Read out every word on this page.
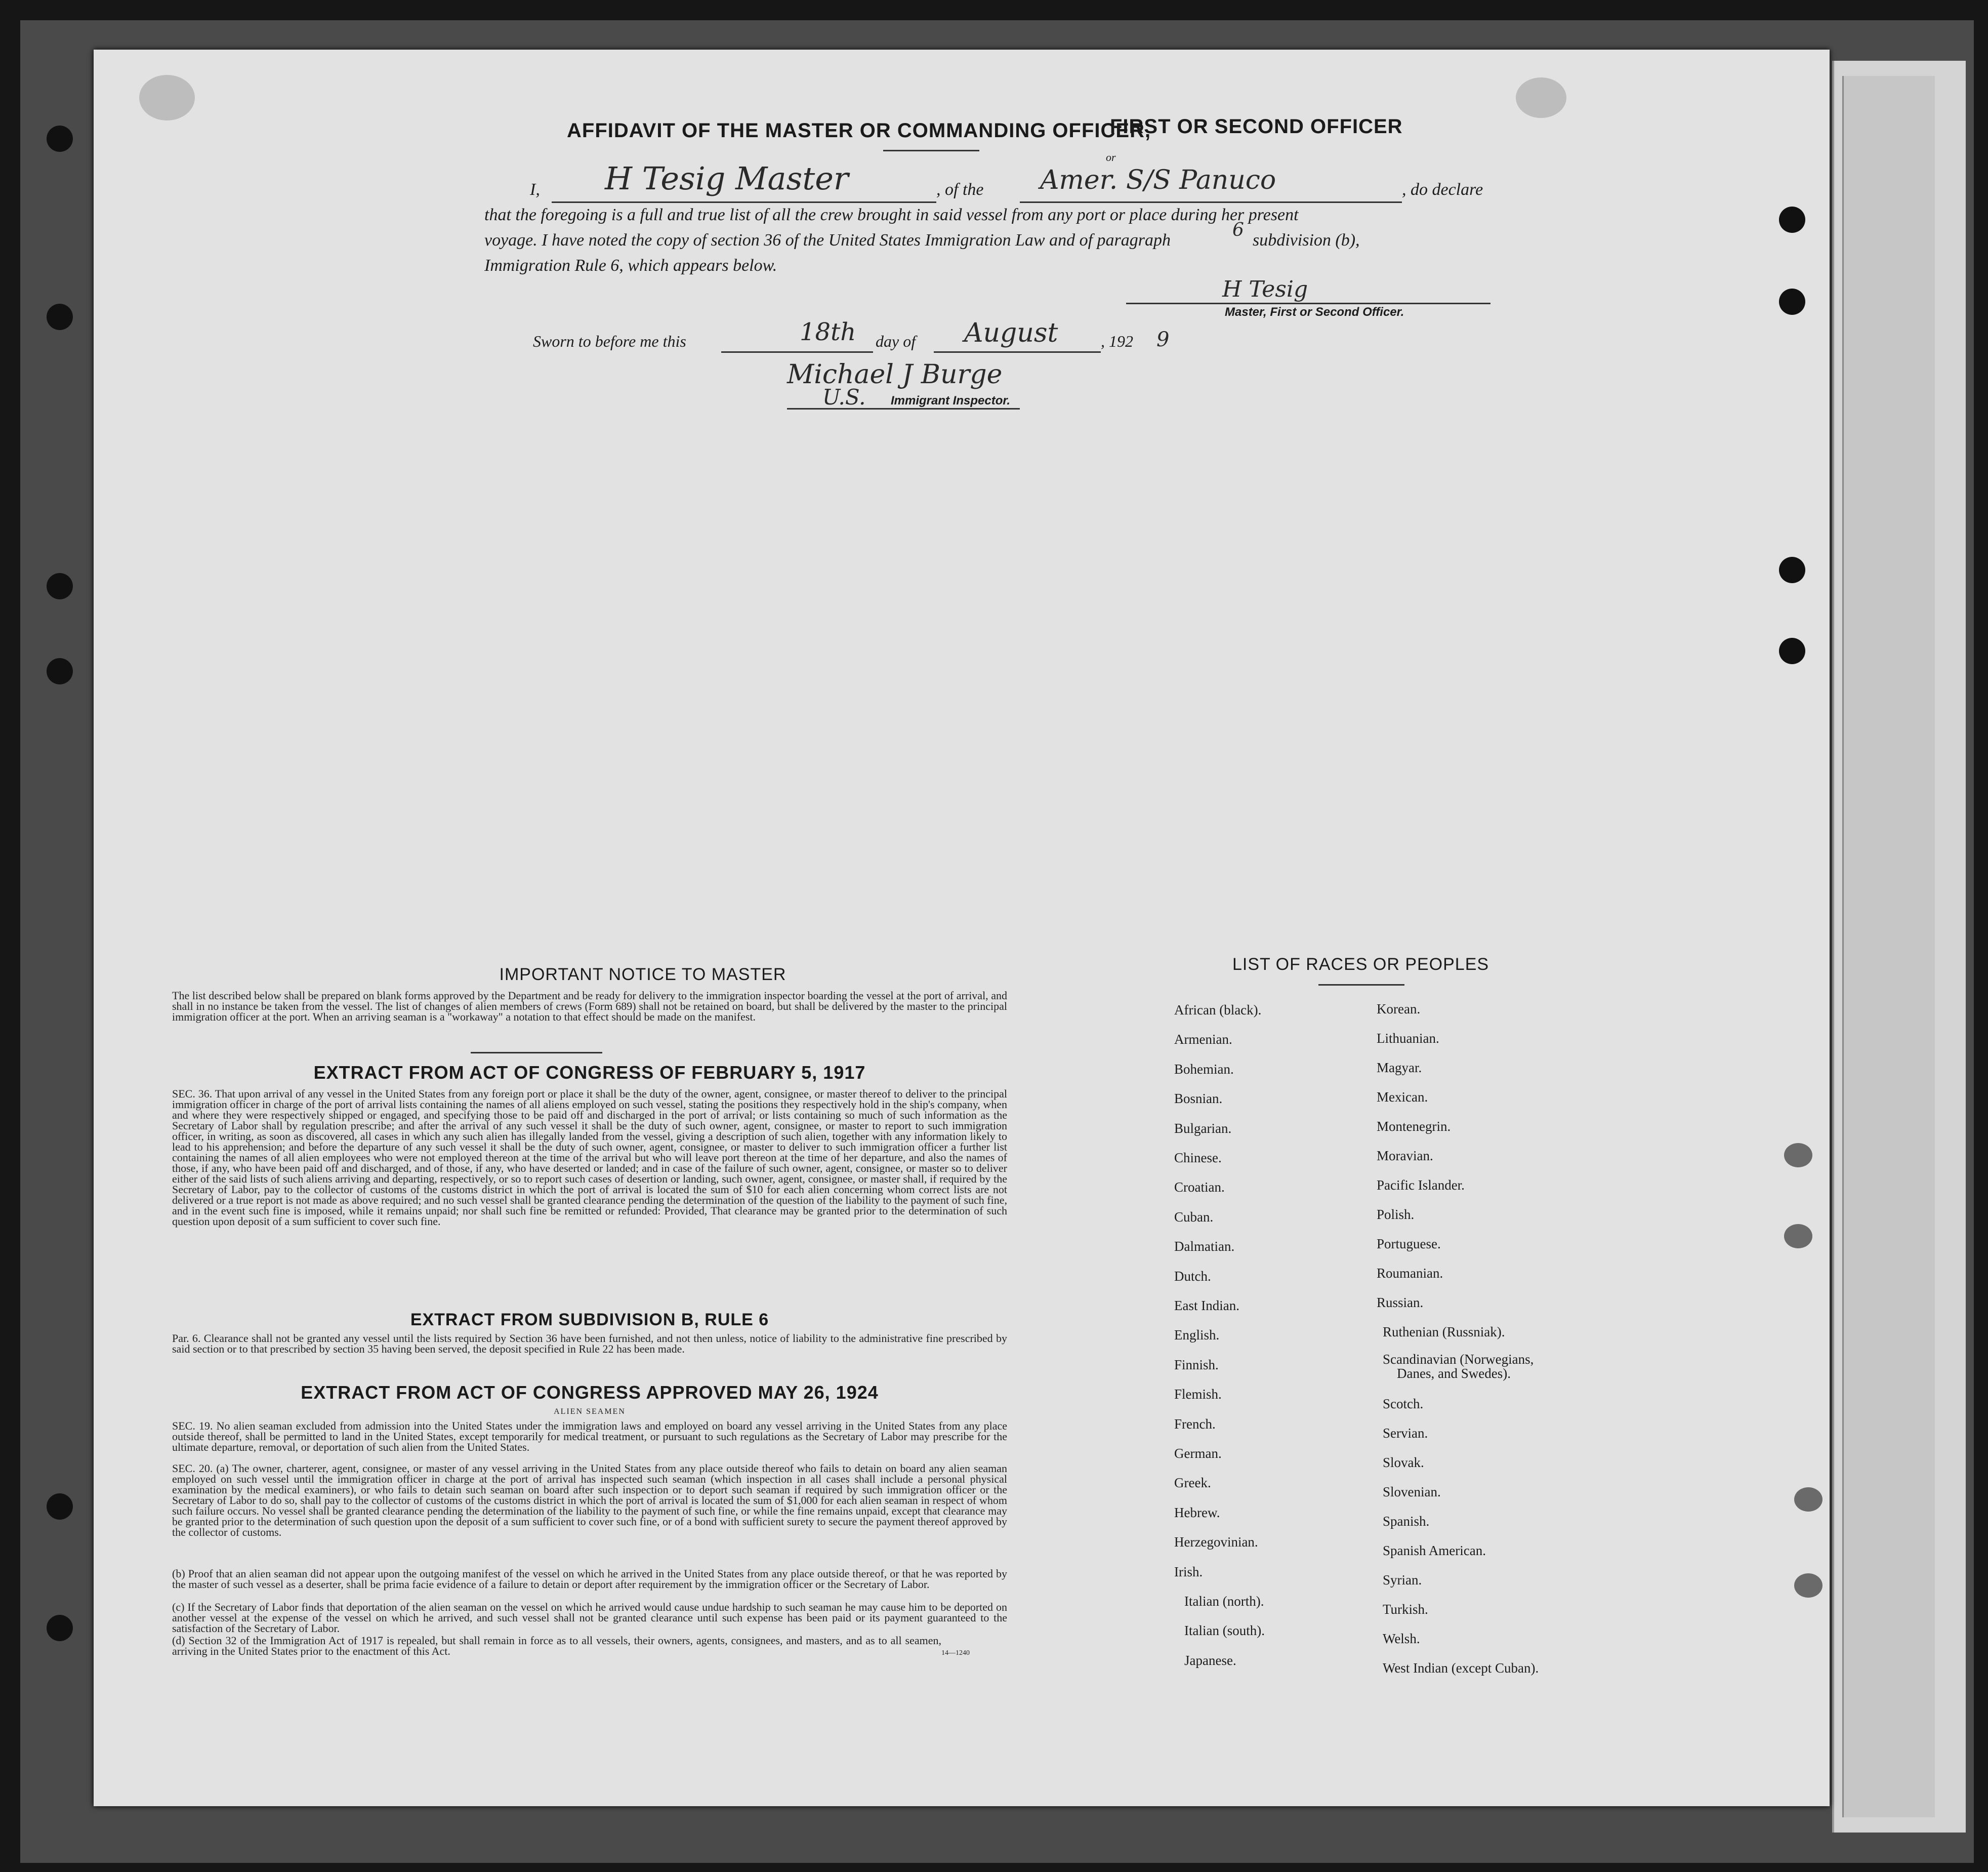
AFFIDAVIT OF THE MASTER OR COMMANDING OFFICER,
FIRST OR SECOND OFFICER
or
I, H Tesig Master	, of the Amer. S/S Panuco	, do declare
that the foregoing is a full and true list of all the crew brought in said vessel from any port or place during her present
voyage. I have noted the copy of section 36 of the United States Immigration Law and of paragraph	6 subdivision (b),
Immigration Rule 6, which appears below.
H Tesig
Master, First or Second Officer.
Sworn to before me this	18th day of August	, 192 9
Michael J Burge
U.S. Immigrant Inspector.
IMPORTANT NOTICE TO MASTER
The list described below shall be prepared on blank forms approved by the Department and be ready for delivery to the immigration inspector boarding the vessel at the port of arrival, and shall in no instance be taken from the vessel. The list of changes of alien members of crews (Form 689) shall not be retained on board, but shall be delivered by the master to the principal immigration officer at the port. When an arriving seaman is a "workaway" a notation to that effect should be made on the manifest.
EXTRACT FROM ACT OF CONGRESS OF FEBRUARY 5, 1917
SEC. 36. That upon arrival of any vessel in the United States from any foreign port or place it shall be the duty of the owner, agent, consignee, or master thereof to deliver to the principal immigration officer in charge of the port of arrival lists containing the names of all aliens employed on such vessel, stating the positions they respectively hold in the ship's company, when and where they were respectively shipped or engaged, and specifying those to be paid off and discharged in the port of arrival; or lists containing so much of such information as the Secretary of Labor shall by regulation prescribe; and after the arrival of any such vessel it shall be the duty of such owner, agent, consignee, or master to report to such immigration officer, in writing, as soon as discovered, all cases in which any such alien has illegally landed from the vessel, giving a description of such alien, together with any information likely to lead to his apprehension; and before the departure of any such vessel it shall be the duty of such owner, agent, consignee, or master to deliver to such immigration officer a further list containing the names of all alien employees who were not employed thereon at the time of the arrival but who will leave port thereon at the time of her departure, and also the names of those, if any, who have been paid off and discharged, and of those, if any, who have deserted or landed; and in case of the failure of such owner, agent, consignee, or master so to deliver either of the said lists of such aliens arriving and departing, respectively, or so to report such cases of desertion or landing, such owner, agent, consignee, or master shall, if required by the Secretary of Labor, pay to the collector of customs of the customs district in which the port of arrival is located the sum of $10 for each alien concerning whom correct lists are not delivered or a true report is not made as above required; and no such vessel shall be granted clearance pending the determination of the question of the liability to the payment of such fine, and in the event such fine is imposed, while it remains unpaid; nor shall such fine be remitted or refunded: Provided, That clearance may be granted prior to the determination of such question upon deposit of a sum sufficient to cover such fine.
EXTRACT FROM SUBDIVISION B, RULE 6
Par. 6. Clearance shall not be granted any vessel until the lists required by Section 36 have been furnished, and not then unless, notice of liability to the administrative fine prescribed by said section or to that prescribed by section 35 having been served, the deposit specified in Rule 22 has been made.
EXTRACT FROM ACT OF CONGRESS APPROVED MAY 26, 1924
ALIEN SEAMEN
SEC. 19. No alien seaman excluded from admission into the United States under the immigration laws and employed on board any vessel arriving in the United States from any place outside thereof, shall be permitted to land in the United States, except temporarily for medical treatment, or pursuant to such regulations as the Secretary of Labor may prescribe for the ultimate departure, removal, or deportation of such alien from the United States.
SEC. 20. (a) The owner, charterer, agent, consignee, or master of any vessel arriving in the United States from any place outside thereof who fails to detain on board any alien seaman employed on such vessel until the immigration officer in charge at the port of arrival has inspected such seaman (which inspection in all cases shall include a personal physical examination by the medical examiners), or who fails to detain such seaman on board after such inspection or to deport such seaman if required by such immigration officer or the Secretary of Labor to do so, shall pay to the collector of customs of the customs district in which the port of arrival is located the sum of $1,000 for each alien seaman in respect of whom such failure occurs. No vessel shall be granted clearance pending the determination of the liability to the payment of such fine, or while the fine remains unpaid, except that clearance may be granted prior to the determination of such question upon the deposit of a sum sufficient to cover such fine, or of a bond with sufficient surety to secure the payment thereof approved by the collector of customs.
(b) Proof that an alien seaman did not appear upon the outgoing manifest of the vessel on which he arrived in the United States from any place outside thereof, or that he was reported by the master of such vessel as a deserter, shall be prima facie evidence of a failure to detain or deport after requirement by the immigration officer or the Secretary of Labor.
(c) If the Secretary of Labor finds that deportation of the alien seaman on the vessel on which he arrived would cause undue hardship to such seaman he may cause him to be deported on another vessel at the expense of the vessel on which he arrived, and such vessel shall not be granted clearance until such expense has been paid or its payment guaranteed to the satisfaction of the Secretary of Labor.
(d) Section 32 of the Immigration Act of 1917 is repealed, but shall remain in force as to all vessels, their owners, agents, consignees, and masters, and as to all seamen, arriving in the United States prior to the enactment of this Act.	14—1240
LIST OF RACES OR PEOPLES
African (black).
Armenian.
Bohemian.
Bosnian.
Bulgarian.
Chinese.
Croatian.
Cuban.
Dalmatian.
Dutch.
East Indian.
English.
Finnish.
Flemish.
French.
German.
Greek.
Hebrew.
Herzegovinian.
Irish.
Italian (north).
Italian (south).
Japanese.
Korean.
Lithuanian.
Magyar.
Mexican.
Montenegrin.
Moravian.
Pacific Islander.
Polish.
Portuguese.
Roumanian.
Russian.
Ruthenian (Russniak).
Scandinavian (Norwegians,
Danes, and Swedes).
Scotch.
Servian.
Slovak.
Slovenian.
Spanish.
Spanish American.
Syrian.
Turkish.
Welsh.
West Indian (except Cuban).
